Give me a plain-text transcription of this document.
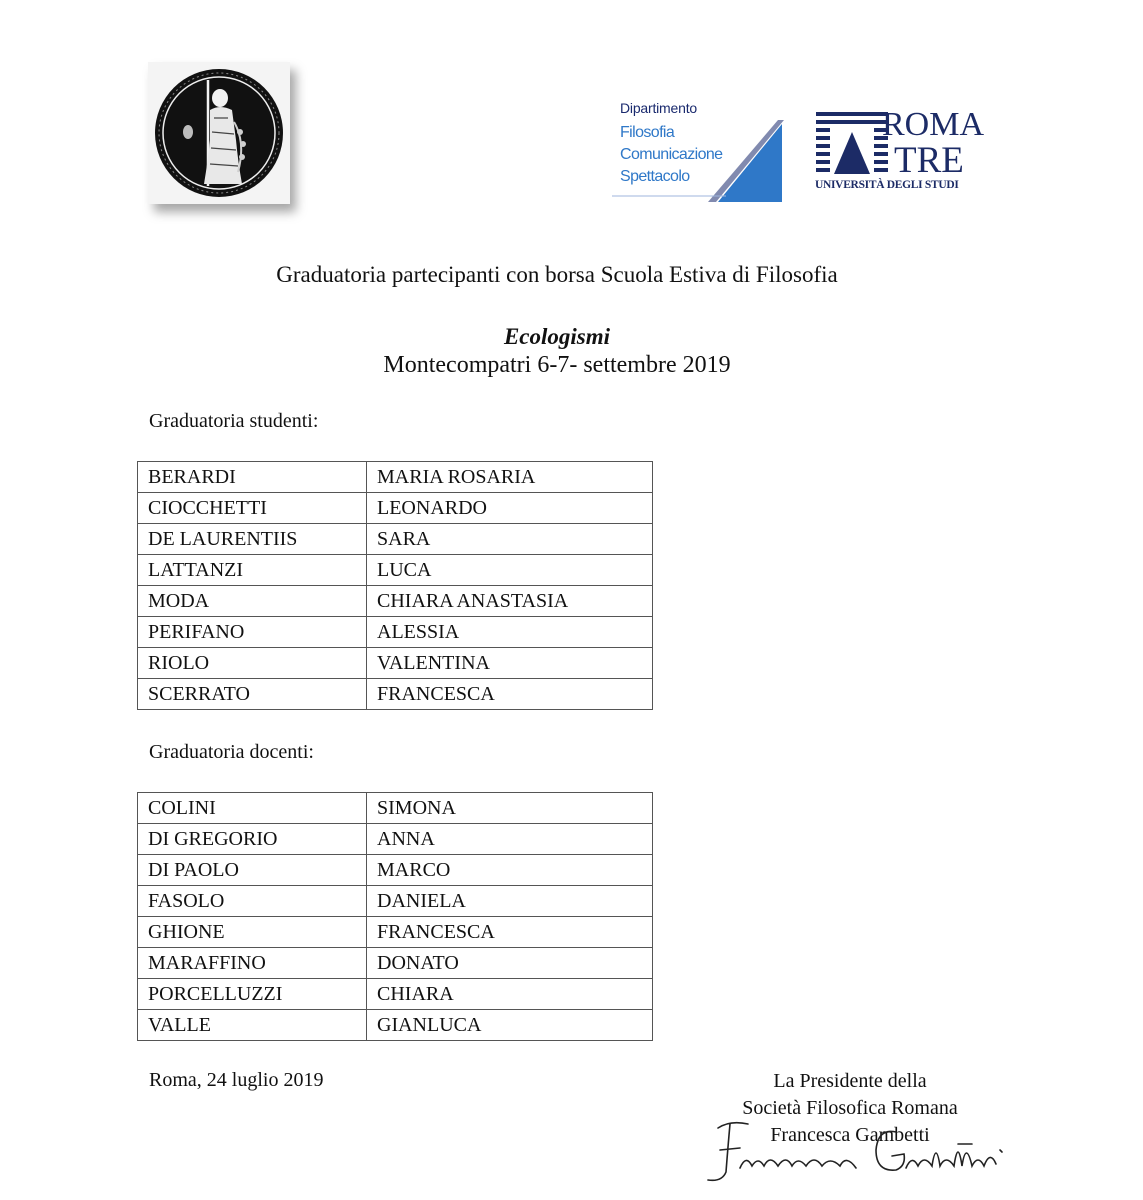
Dipartimento
Filosofia
Comunicazione
Spettacolo
ROMA
TRE
UNIVERSITÀ DEGLI STUDI
Graduatoria partecipanti con borsa Scuola Estiva di Filosofia
Ecologismi
Montecompatri 6-7- settembre 2019
Graduatoria studenti:
BERARDI	MARIA ROSARIA
CIOCCHETTI	LEONARDO
DE LAURENTIIS	SARA
LATTANZI	LUCA
MODA	CHIARA ANASTASIA
PERIFANO	ALESSIA
RIOLO	VALENTINA
SCERRATO	FRANCESCA
Graduatoria docenti:
COLINI	SIMONA
DI GREGORIO	ANNA
DI PAOLO	MARCO
FASOLO	DANIELA
GHIONE	FRANCESCA
MARAFFINO	DONATO
PORCELLUZZI	CHIARA
VALLE	GIANLUCA
Roma, 24 luglio 2019	La Presidente della
Società Filosofica Romana
Francesca Gambetti
